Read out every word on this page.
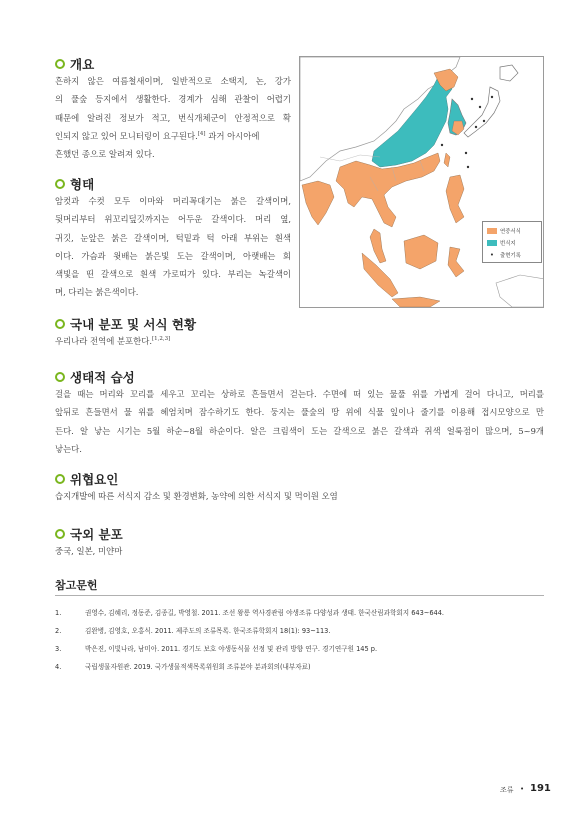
개요
흔하지 않은 여름철새이며, 일반적으로 소택지, 논, 강가
의 풀숲 등지에서 생활한다. 경계가 심해 관찰이 어렵기
때문에 알려진 정보가 적고, 번식개체군이 안정적으로 확
인되지 않고 있어 모니터링이 요구된다.[4] 과거 아시아에
흔했던 종으로 알려져 있다.
형태
암컷과 수컷 모두 이마와 머리꼭대기는 붉은 갈색이며,
뒷머리부터 위꼬리덮깃까지는 어두운 갈색이다. 머리 옆,
귀깃, 눈앞은 붉은 갈색이며, 턱밑과 턱 아래 부위는 흰색
이다. 가슴과 윗배는 붉은빛 도는 갈색이며, 아랫배는 회
색빛을 띤 갈색으로 흰색 가로띠가 있다. 부리는 녹갈색이
며, 다리는 붉은색이다.
연중서식
번식지
•	출현기록
국내 분포 및 서식 현황
우리나라 전역에 분포한다.[1,2,3]
생태적 습성
걸을 때는 머리와 꼬리를 세우고 꼬리는 상하로 흔들면서 걷는다. 수면에 떠 있는 물풀 위를 가볍게 걸어 다니고, 머리를
앞뒤로 흔들면서 물 위를 헤엄치며 잠수하기도 한다. 둥지는 풀숲의 땅 위에 식물 잎이나 줄기를 이용해 접시모양으로 만
든다. 알 낳는 시기는 5월 하순~8월 하순이다. 알은 크림색이 도는 갈색으로 붉은 갈색과 쥐색 얼룩점이 많으며, 5~9개
낳는다.
위협요인
습지개발에 따른 서식지 감소 및 환경변화, 농약에 의한 서식지 및 먹이원 오염
국외 분포
중국, 일본, 미얀마
참고문헌
1.	권영수, 김혜리, 정동준, 김종길, 박영철. 2011. 조선 왕릉 역사경관림 야생조류 다양성과 생태. 한국산림과학회지 643~644.
2.	김완병, 김영호, 오홍식. 2011. 제주도의 조류목록. 한국조류학회지 18(1): 93~113.
3.	박은진, 이빛나라, 남미아. 2011. 경기도 보호 야생동식물 선정 및 관리 방향 연구. 경기연구원 145 p.
4.	국립생물자원관. 2019. 국가생물적색목록위원회 조류분야 분과회의(내부자료)
조류 • 191
